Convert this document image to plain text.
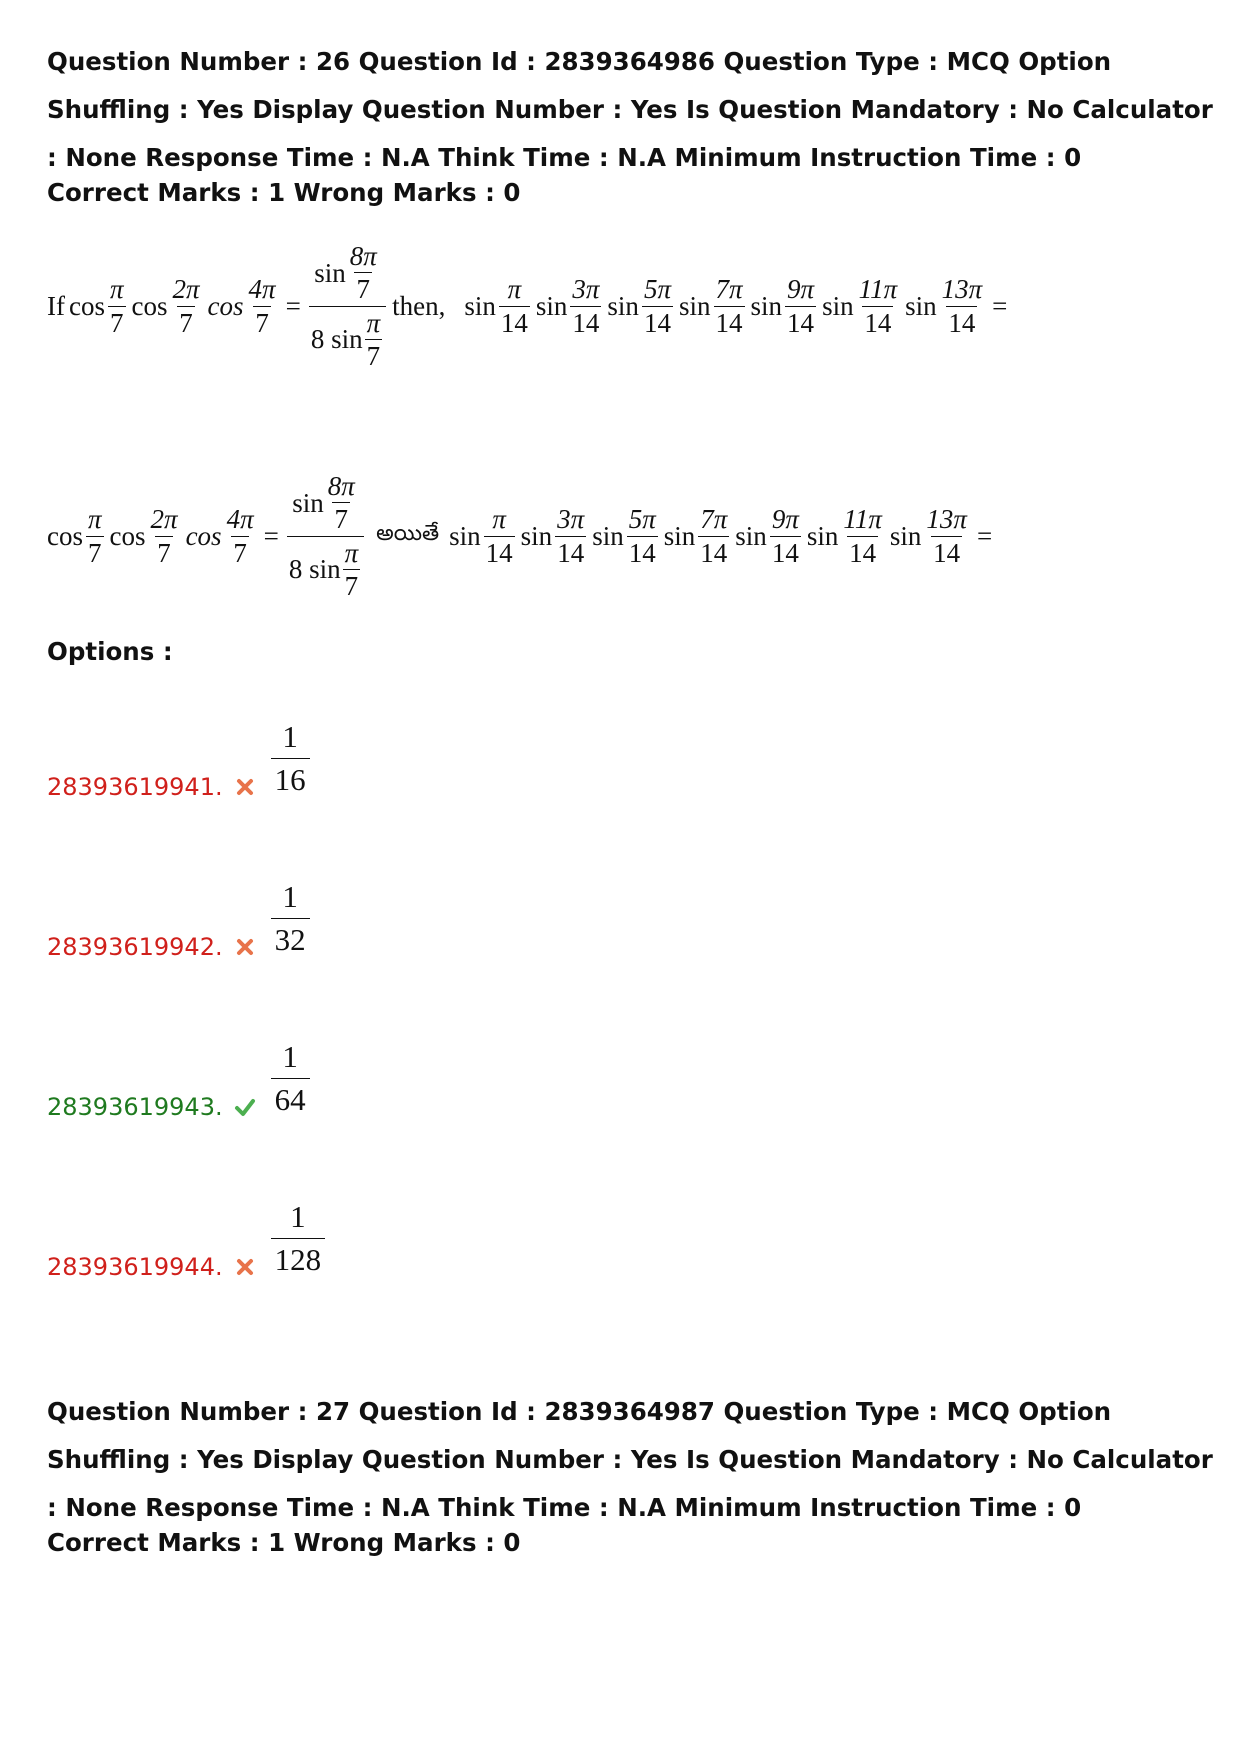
Question Number : 26 Question Id : 2839364986 Question Type : MCQ Option Shuffling : Yes Display Question Number : Yes Is Question Mandatory : No Calculator : None Response Time : N.A Think Time : N.A Minimum Instruction Time : 0
Correct Marks : 1 Wrong Marks : 0
If $\cos \frac{\pi}{7}$ $\cos \frac{2\pi}{7}$ $\cos \frac{4\pi}{7} = \frac{\sin \frac{8\pi}{7}}{8 \sin \frac{\pi}{7}}$ then, $\sin \frac{\pi}{14}$ $\sin \frac{3\pi}{14}$ $\sin \frac{5\pi}{14}$ $\sin \frac{7\pi}{14}$ $\sin \frac{9\pi}{14}$ $\sin \frac{11\pi}{14}$ $\sin \frac{13\pi}{14}$ =
$\cos \frac{\pi}{7}$ $\cos \frac{2\pi}{7}$ $\cos \frac{4\pi}{7} = \frac{\sin \frac{8\pi}{7}}{8 \sin \frac{\pi}{7}}$ అయితే $\sin \frac{\pi}{14}$ $\sin \frac{3\pi}{14}$ $\sin \frac{5\pi}{14}$ $\sin \frac{7\pi}{14}$ $\sin \frac{9\pi}{14}$ $\sin \frac{11\pi}{14}$ $\sin \frac{13\pi}{14}$ =
Options :
28393619941. $\frac{1}{16}$
28393619942. $\frac{1}{32}$
28393619943. $\frac{1}{64}$
28393619944. $\frac{1}{128}$
Question Number : 27 Question Id : 2839364987 Question Type : MCQ Option Shuffling : Yes Display Question Number : Yes Is Question Mandatory : No Calculator : None Response Time : N.A Think Time : N.A Minimum Instruction Time : 0
Correct Marks : 1 Wrong Marks : 0
